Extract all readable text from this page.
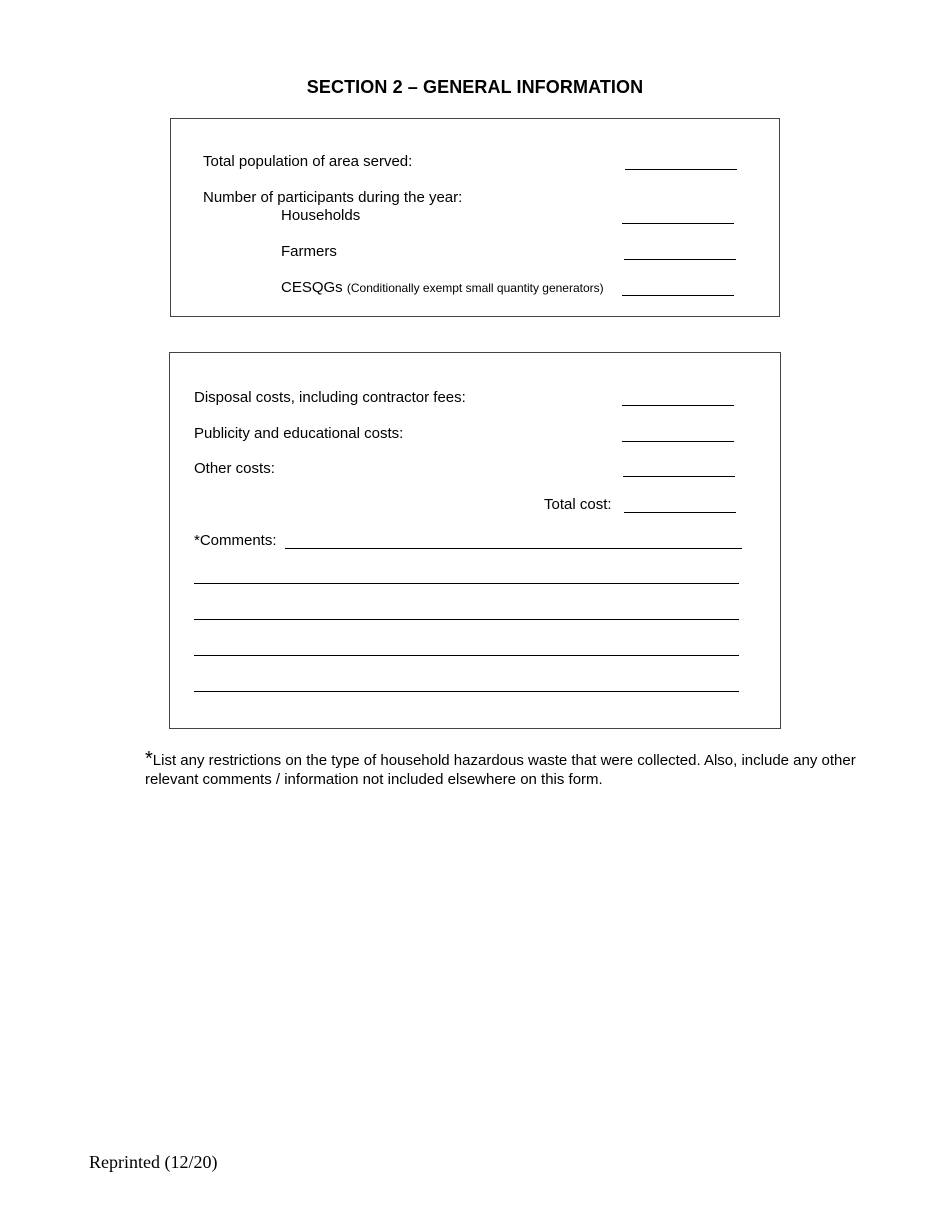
SECTION 2 – GENERAL INFORMATION
Total population of area served:
Number of participants during the year:
Households
Farmers
CESQGs (Conditionally exempt small quantity generators)
Disposal costs, including contractor fees:
Publicity and educational costs:
Other costs:
Total cost:
*Comments:
*List any restrictions on the type of household hazardous waste that were collected. Also, include any other relevant comments / information not included elsewhere on this form.
Reprinted (12/20)
